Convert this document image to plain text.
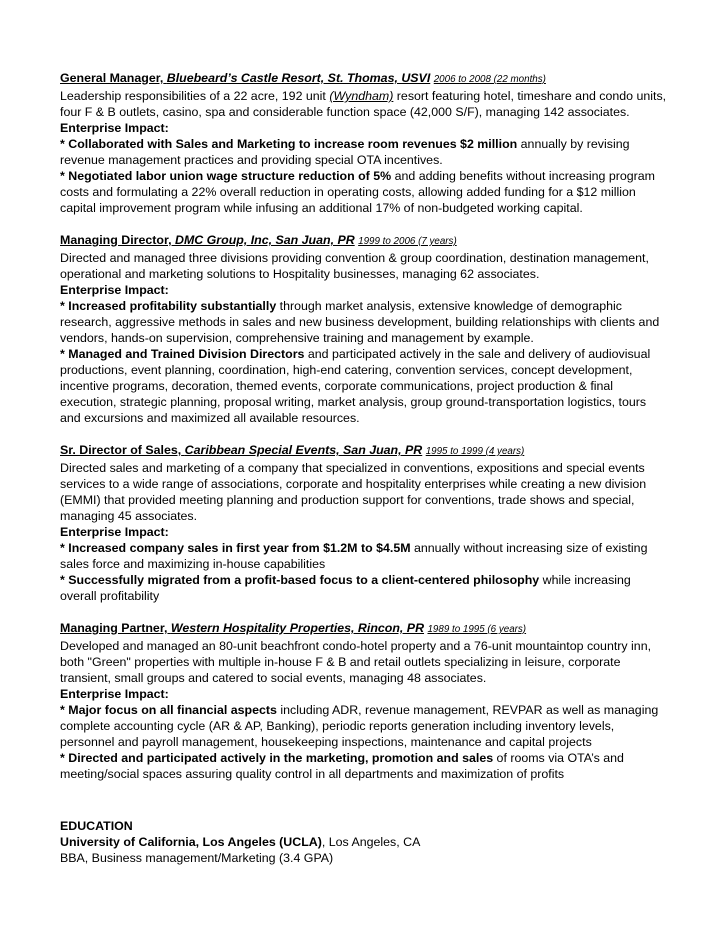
General Manager, Bluebeard’s Castle Resort, St. Thomas, USVI 2006 to 2008 (22 months)
Leadership responsibilities of a 22 acre, 192 unit (Wyndham) resort featuring hotel, timeshare and condo units, four F & B outlets, casino, spa and considerable function space (42,000 S/F), managing 142 associates.
Enterprise Impact:
* Collaborated with Sales and Marketing to increase room revenues $2 million annually by revising revenue management practices and providing special OTA incentives.
* Negotiated labor union wage structure reduction of 5% and adding benefits without increasing program costs and formulating a 22% overall reduction in operating costs, allowing added funding for a $12 million capital improvement program while infusing an additional 17% of non-budgeted working capital.
Managing Director, DMC Group, Inc, San Juan, PR 1999 to 2006 (7 years)
Directed and managed three divisions providing convention & group coordination, destination management, operational and marketing solutions to Hospitality businesses, managing 62 associates.
Enterprise Impact:
* Increased profitability substantially through market analysis, extensive knowledge of demographic research, aggressive methods in sales and new business development, building relationships with clients and vendors, hands-on supervision, comprehensive training and management by example.
* Managed and Trained Division Directors and participated actively in the sale and delivery of audiovisual productions, event planning, coordination, high-end catering, convention services, concept development, incentive programs, decoration, themed events, corporate communications, project production & final execution, strategic planning, proposal writing, market analysis, group ground-transportation logistics, tours and excursions and maximized all available resources.
Sr. Director of Sales, Caribbean Special Events, San Juan, PR 1995 to 1999 (4 years)
Directed sales and marketing of a company that specialized in conventions, expositions and special events services to a wide range of associations, corporate and hospitality enterprises while creating a new division (EMMI) that provided meeting planning and production support for conventions, trade shows and special, managing 45 associates.
Enterprise Impact:
* Increased company sales in first year from $1.2M to $4.5M annually without increasing size of existing sales force and maximizing in-house capabilities
* Successfully migrated from a profit-based focus to a client-centered philosophy while increasing overall profitability
Managing Partner, Western Hospitality Properties, Rincon, PR 1989 to 1995 (6 years)
Developed and managed an 80-unit beachfront condo-hotel property and a 76-unit mountaintop country inn, both "Green" properties with multiple in-house F & B and retail outlets specializing in leisure, corporate transient, small groups and catered to social events, managing 48 associates.
Enterprise Impact:
* Major focus on all financial aspects including ADR, revenue management, REVPAR as well as managing complete accounting cycle (AR & AP, Banking), periodic reports generation including inventory levels, personnel and payroll management, housekeeping inspections, maintenance and capital projects
* Directed and participated actively in the marketing, promotion and sales of rooms via OTA’s and meeting/social spaces assuring quality control in all departments and maximization of profits
EDUCATION
University of California, Los Angeles (UCLA), Los Angeles, CA
BBA, Business management/Marketing (3.4 GPA)
